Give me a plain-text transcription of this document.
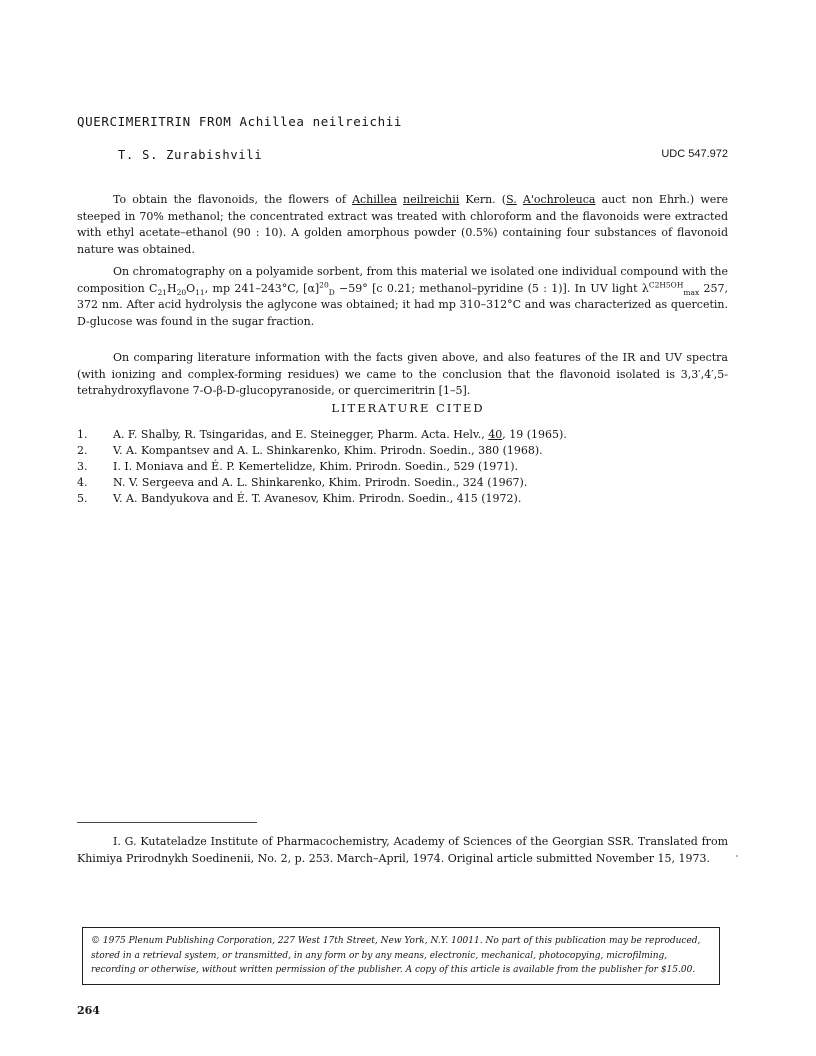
QUERCIMERITRIN FROM Achillea neilreichii
T. S. Zurabishvili	UDC 547.972

To obtain the flavonoids, the flowers of Achillea neilreichii Kern. (S. A'ochroleuca auct non Ehrh.) were steeped in 70% methanol; the concentrated extract was treated with chloroform and the flavonoids were extracted with ethyl acetate–ethanol (90 : 10). A golden amorphous powder (0.5%) containing four substances of flavonoid nature was obtained.

On chromatography on a polyamide sorbent, from this material we isolated one individual compound with the composition $C_{21}H_{20}O_{11}$, mp 241–243°C, $[\alpha]^{20}_D -59^\circ$ [c 0.21; methanol–pyridine (5 : 1)]. In UV light $\lambda^{C2H5OH}_{max}$ 257, 372 nm. After acid hydrolysis the aglycone was obtained; it had mp 310–312°C and was characterized as quercetin. D-glucose was found in the sugar fraction.

On comparing literature information with the facts given above, and also features of the IR and UV spectra (with ionizing and complex-forming residues) we came to the conclusion that the flavonoid isolated is 3,3′,4′,5-tetrahydroxyflavone 7-O-β-D-glucopyranoside, or quercimeritrin [1–5].

LITERATURE CITED
1.	A. F. Shalby, R. Tsingaridas, and E. Steinegger, Pharm. Acta. Helv., 40, 19 (1965).
2.	V. A. Kompantsev and A. L. Shinkarenko, Khim. Prirodn. Soedin., 380 (1968).
3.	I. I. Moniava and É. P. Kemertelidze, Khim. Prirodn. Soedin., 529 (1971).
4.	N. V. Sergeeva and A. L. Shinkarenko, Khim. Prirodn. Soedin., 324 (1967).
5.	V. A. Bandyukova and É. T. Avanesov, Khim. Prirodn. Soedin., 415 (1972).
I. G. Kutateladze Institute of Pharmacochemistry, Academy of Sciences of the Georgian SSR. Translated from Khimiya Prirodnykh Soedinenii, No. 2, p. 253. March–April, 1974. Original article submitted November 15, 1973.
© 1975 Plenum Publishing Corporation, 227 West 17th Street, New York, N.Y. 10011. No part of this publication may be reproduced, stored in a retrieval system, or transmitted, in any form or by any means, electronic, mechanical, photocopying, microfilming, recording or otherwise, without written permission of the publisher. A copy of this article is available from the publisher for $15.00.
264
